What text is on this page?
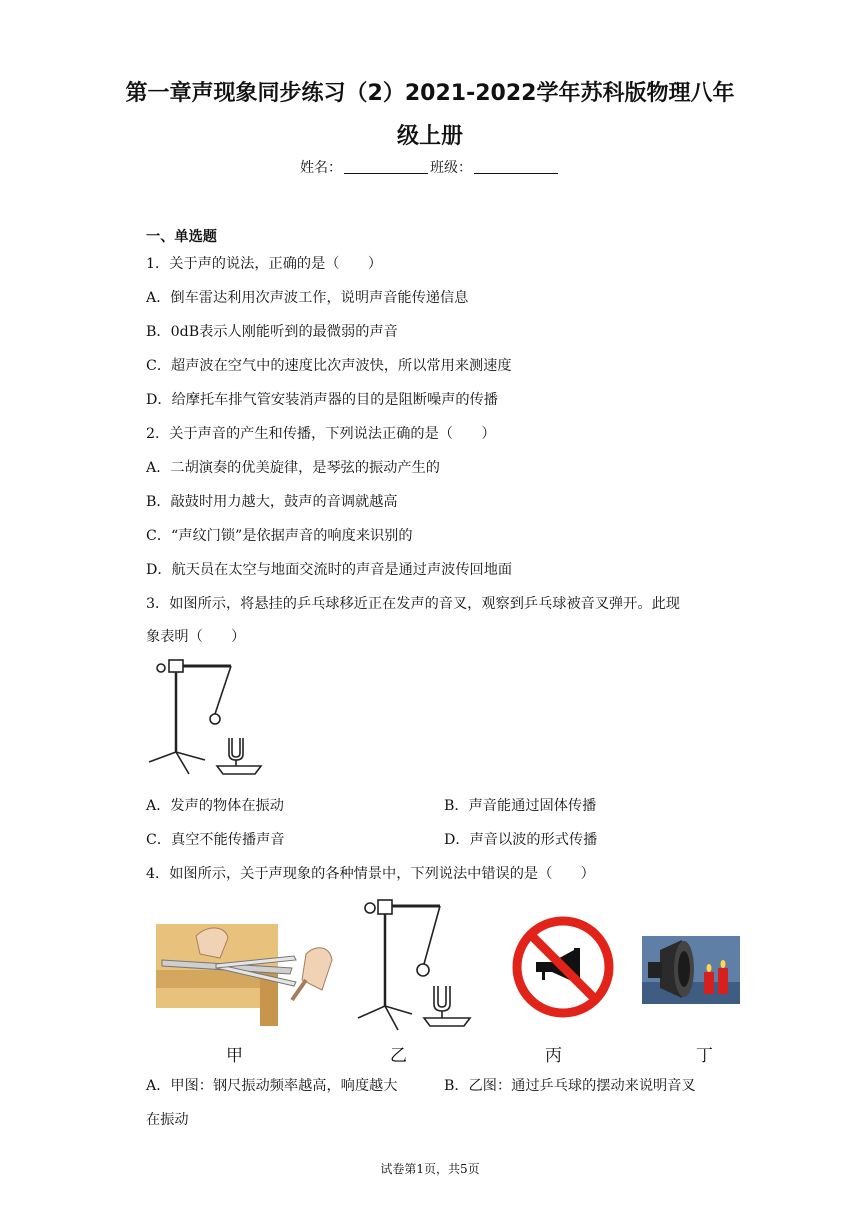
第一章声现象同步练习（2）2021-2022学年苏科版物理八年
级上册
姓名：	班级：
一、单选题
1．关于声的说法，正确的是（　　）
A．倒车雷达利用次声波工作，说明声音能传递信息
B．0dB表示人刚能听到的最微弱的声音
C．超声波在空气中的速度比次声波快，所以常用来测速度
D．给摩托车排气管安装消声器的目的是阻断噪声的传播
2．关于声音的产生和传播，下列说法正确的是（　　）
A．二胡演奏的优美旋律，是琴弦的振动产生的
B．敲鼓时用力越大，鼓声的音调就越高
C．“声纹门锁”是依据声音的响度来识别的
D．航天员在太空与地面交流时的声音是通过声波传回地面
3．如图所示，将悬挂的乒乓球移近正在发声的音叉，观察到乒乓球被音叉弹开。此现
象表明（　　）
A．发声的物体在振动	B．声音能通过固体传播
C．真空不能传播声音	D．声音以波的形式传播
4．如图所示，关于声现象的各种情景中，下列说法中错误的是（　　）
甲	乙	丙	丁
A．甲图：钢尺振动频率越高，响度越大	B．乙图：通过乒乓球的摆动来说明音叉
在振动
试卷第1页，共5页
